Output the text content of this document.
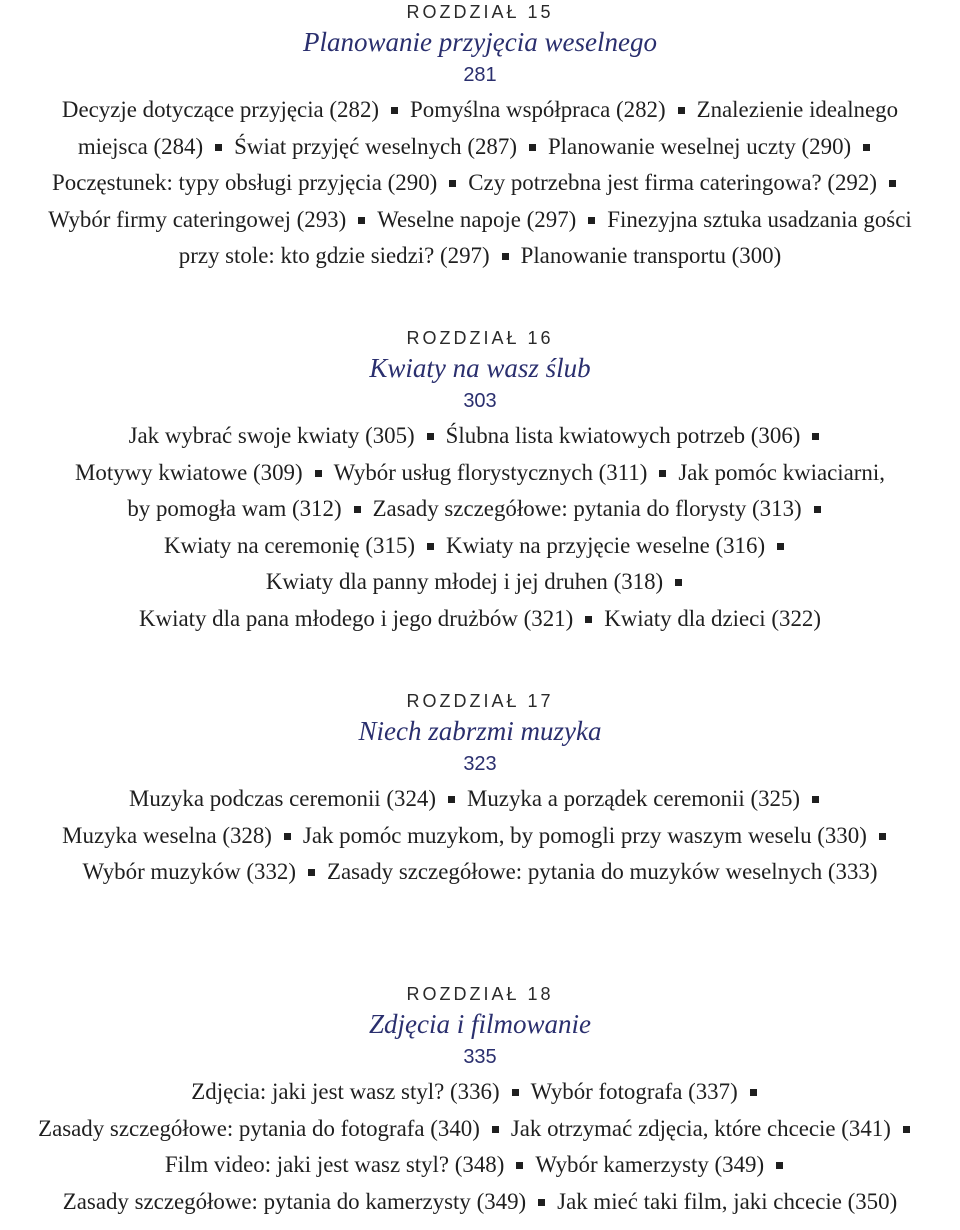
ROZDZIAŁ 15
Planowanie przyjęcia weselnego
281
Decyzje dotyczące przyjęcia (282) Pomyślna współpraca (282) Znalezienie idealnego
miejsca (284) Świat przyjęć weselnych (287) Planowanie weselnej uczty (290)
Poczęstunek: typy obsługi przyjęcia (290) Czy potrzebna jest firma cateringowa? (292)
Wybór firmy cateringowej (293) Weselne napoje (297) Finezyjna sztuka usadzania gości
przy stole: kto gdzie siedzi? (297) Planowanie transportu (300)
ROZDZIAŁ 16
Kwiaty na wasz ślub
303
Jak wybrać swoje kwiaty (305) Ślubna lista kwiatowych potrzeb (306)
Motywy kwiatowe (309) Wybór usług florystycznych (311) Jak pomóc kwiaciarni,
by pomogła wam (312) Zasady szczegółowe: pytania do florysty (313)
Kwiaty na ceremonię (315) Kwiaty na przyjęcie weselne (316)
Kwiaty dla panny młodej i jej druhen (318)
Kwiaty dla pana młodego i jego drużbów (321) Kwiaty dla dzieci (322)
ROZDZIAŁ 17
Niech zabrzmi muzyka
323
Muzyka podczas ceremonii (324) Muzyka a porządek ceremonii (325)
Muzyka weselna (328) Jak pomóc muzykom, by pomogli przy waszym weselu (330)
Wybór muzyków (332) Zasady szczegółowe: pytania do muzyków weselnych (333)
ROZDZIAŁ 18
Zdjęcia i filmowanie
335
Zdjęcia: jaki jest wasz styl? (336) Wybór fotografa (337)
Zasady szczegółowe: pytania do fotografa (340) Jak otrzymać zdjęcia, które chcecie (341)
Film video: jaki jest wasz styl? (348) Wybór kamerzysty (349)
Zasady szczegółowe: pytania do kamerzysty (349) Jak mieć taki film, jaki chcecie (350)
